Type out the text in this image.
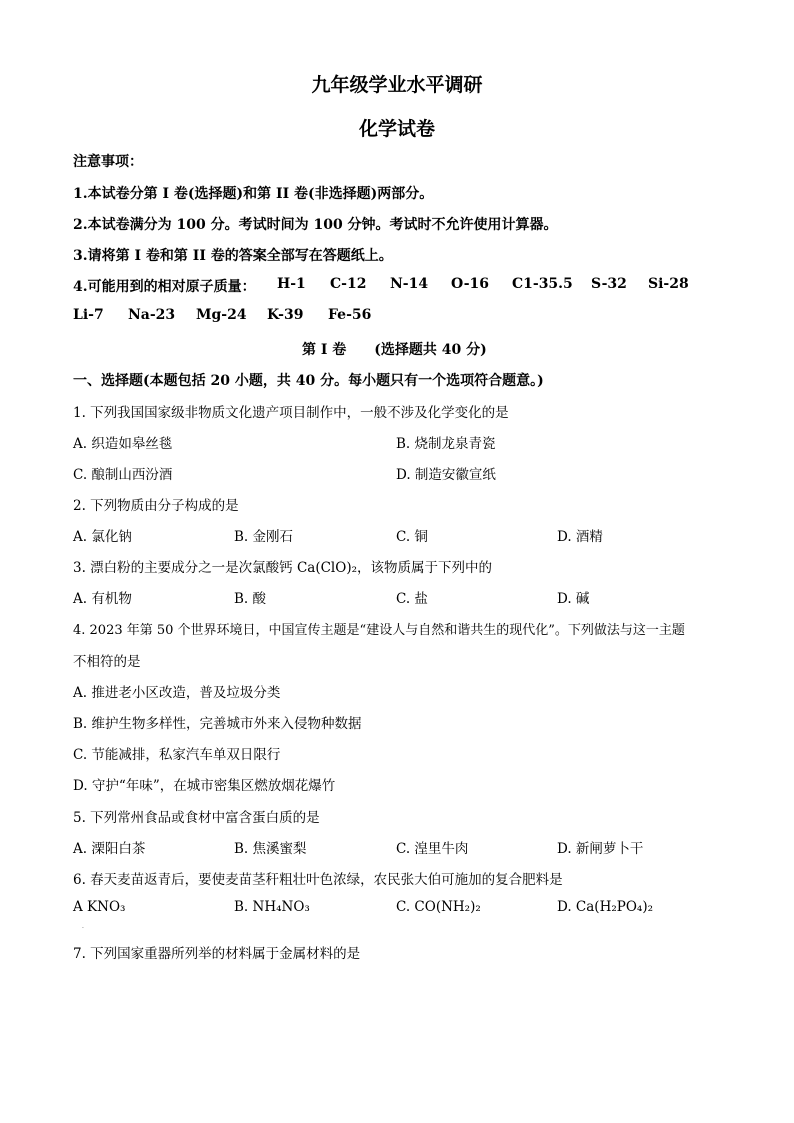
九年级学业水平调研
化学试卷
注意事项：
1.本试卷分第 I 卷(选择题)和第 II 卷(非选择题)两部分。
2.本试卷满分为 100 分。考试时间为 100 分钟。考试时不允许使用计算器。
3.请将第 I 卷和第 II 卷的答案全部写在答题纸上。
4.可能用到的相对原子质量： H-1 C-12 N-14 O-16 C1-35.5 S-32 Si-28
Li-7 Na-23 Mg-24 K-39 Fe-56
第 I 卷　　(选择题共 40 分)
一、选择题(本题包括 20 小题，共 40 分。每小题只有一个选项符合题意。)
1. 下列我国国家级非物质文化遗产项目制作中，一般不涉及化学变化的是
A. 织造如皋丝毯	B. 烧制龙泉青瓷
C. 酿制山西汾酒	D. 制造安徽宣纸
2. 下列物质由分子构成的是
A. 氯化钠	B. 金刚石	C. 铜	D. 酒精
3. 漂白粉的主要成分之一是次氯酸钙 Ca(ClO)₂，该物质属于下列中的
A. 有机物	B. 酸	C. 盐	D. 碱
4. 2023 年第 50 个世界环境日，中国宣传主题是“建设人与自然和谐共生的现代化”。下列做法与这一主题
不相符的是
A. 推进老小区改造，普及垃圾分类
B. 维护生物多样性，完善城市外来入侵物种数据
C. 节能减排，私家汽车单双日限行
D. 守护“年味”，在城市密集区燃放烟花爆竹
5. 下列常州食品或食材中富含蛋白质的是
A. 溧阳白茶	B. 焦溪蜜梨	C. 湟里牛肉	D. 新闸萝卜干
6. 春天麦苗返青后，要使麦苗茎秆粗壮叶色浓绿，农民张大伯可施加的复合肥料是
A KNO₃	B. NH₄NO₃	C. CO(NH₂)₂	D. Ca(H₂PO₄)₂
·
7. 下列国家重器所列举的材料属于金属材料的是
